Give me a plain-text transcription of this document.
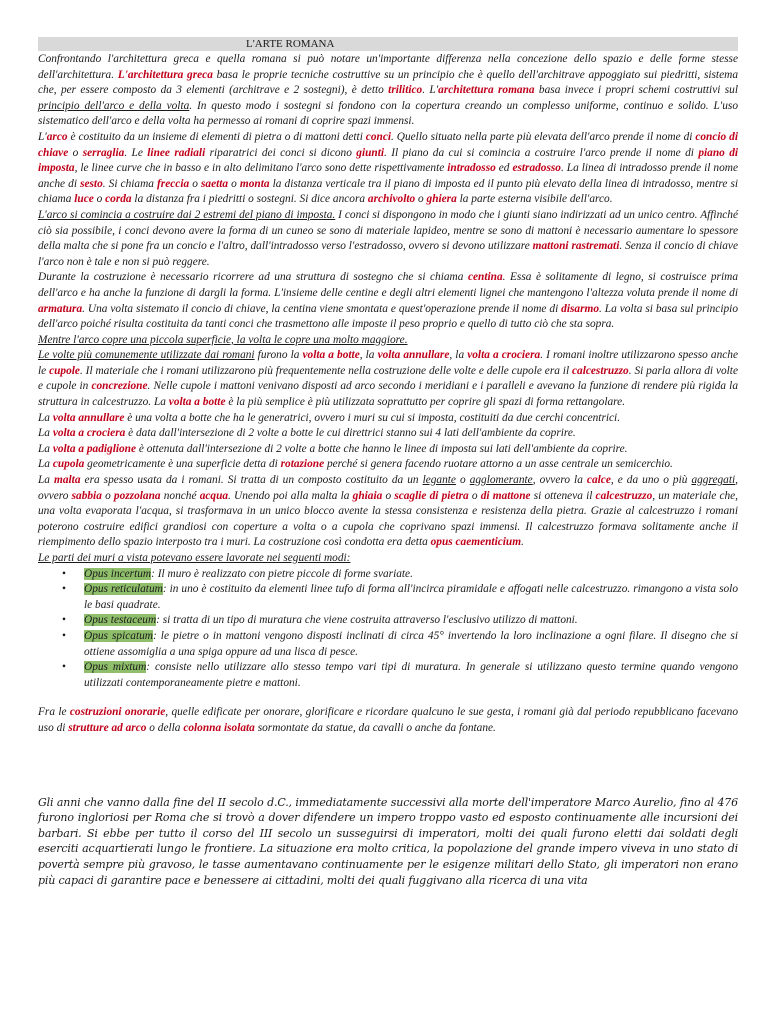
L'ARTE ROMANA

Confrontando l'architettura greca e quella romana si può notare un'importante differenza nella concezione dello spazio e delle forme stesse dell'architettura. L'architettura greca basa le proprie tecniche costruttive su un principio che è quello dell'architrave appoggiato sui piedritti, sistema che, per essere composto da 3 elementi (architrave e 2 sostegni), è detto trilitico. L'architettura romana basa invece i propri schemi costruttivi sul principio dell'arco e della volta. In questo modo i sostegni si fondono con la copertura creando un complesso uniforme, continuo e solido. L'uso sistematico dell'arco e della volta ha permesso ai romani di coprire spazi immensi.

L'arco è costituito da un insieme di elementi di pietra o di mattoni detti conci. Quello situato nella parte più elevata dell'arco prende il nome di concio di chiave o serraglia. Le linee radiali riparatrici dei conci si dicono giunti. Il piano da cui si comincia a costruire l'arco prende il nome di piano di imposta, le linee curve che in basso e in alto delimitano l'arco sono dette rispettivamente intradosso ed estradosso. La linea di intradosso prende il nome anche di sesto. Si chiama freccia o saetta o monta la distanza verticale tra il piano di imposta ed il punto più elevato della linea di intradosso, mentre si chiama luce o corda la distanza fra i piedritti o sostegni. Si dice ancora archivolto o ghiera la parte esterna visibile dell'arco.

L'arco si comincia a costruire dai 2 estremi del piano di imposta. I conci si dispongono in modo che i giunti siano indirizzati ad un unico centro. Affinché ciò sia possibile, i conci devono avere la forma di un cuneo se sono di materiale lapideo, mentre se sono di mattoni è necessario aumentare lo spessore della malta che si pone fra un concio e l'altro, dall'intradosso verso l'estradosso, ovvero si devono utilizzare mattoni rastremati. Senza il concio di chiave l'arco non è tale e non si può reggere.

Durante la costruzione è necessario ricorrere ad una struttura di sostegno che si chiama centina. Essa è solitamente di legno, si costruisce prima dell'arco e ha anche la funzione di dargli la forma. L'insieme delle centine e degli altri elementi lignei che mantengono l'altezza voluta prende il nome di armatura. Una volta sistemato il concio di chiave, la centina viene smontata e quest'operazione prende il nome di disarmo. La volta si basa sul principio dell'arco poiché risulta costituita da tanti conci che trasmettono alle imposte il peso proprio e quello di tutto ciò che sta sopra.

Mentre l'arco copre una piccola superficie, la volta le copre una molto maggiore.

Le volte più comunemente utilizzate dai romani furono la volta a botte, la volta annullare, la volta a crociera. I romani inoltre utilizzarono spesso anche le cupole. Il materiale che i romani utilizzarono più frequentemente nella costruzione delle volte e delle cupole era il calcestruzzo. Si parla allora di volte e cupole in concrezione. Nelle cupole i mattoni venivano disposti ad arco secondo i meridiani e i paralleli e avevano la funzione di rendere più rigida la struttura in calcestruzzo. La volta a botte è la più semplice è più utilizzata soprattutto per coprire gli spazi di forma rettangolare.

La volta annullare è una volta a botte che ha le generatrici, ovvero i muri su cui si imposta, costituiti da due cerchi concentrici.

La volta a crociera è data dall'intersezione di 2 volte a botte le cui direttrici stanno sui 4 lati dell'ambiente da coprire.

La volta a padiglione è ottenuta dall'intersezione di 2 volte a botte che hanno le linee di imposta sui lati dell'ambiente da coprire.

La cupola geometricamente è una superficie detta di rotazione perché si genera facendo ruotare attorno a un asse centrale un semicerchio.

La malta era spesso usata da i romani. Si tratta di un composto costituito da un legante o agglomerante, ovvero la calce, e da uno o più aggregati, ovvero sabbia o pozzolana nonché acqua. Unendo poi alla malta la ghiaia o scaglie di pietra o di mattone si otteneva il calcestruzzo, un materiale che, una volta evaporata l'acqua, si trasformava in un unico blocco avente la stessa consistenza e resistenza della pietra. Grazie al calcestruzzo i romani poterono costruire edifici grandiosi con coperture a volta o a cupola che coprivano spazi immensi. Il calcestruzzo formava solitamente anche il riempimento dello spazio interposto tra i muri. La costruzione così condotta era detta opus caementicium.

Le parti dei muri a vista potevano essere lavorate nei seguenti modi:

• Opus incertum: Il muro è realizzato con pietre piccole di forme svariate.
• Opus reticulatum: in uno è costituito da elementi linee tufo di forma all'incirca piramidale e affogati nelle calcestruzzo. rimangono a vista solo le basi quadrate.
• Opus testaceum: si tratta di un tipo di muratura che viene costruita attraverso l'esclusivo utilizzo di mattoni.
• Opus spicatum: le pietre o in mattoni vengono disposti inclinati di circa 45° invertendo la loro inclinazione a ogni filare. Il disegno che si ottiene assomiglia a una spiga oppure ad una lisca di pesce.
• Opus mixtum: consiste nello utilizzare allo stesso tempo vari tipi di muratura. In generale si utilizzano questo termine quando vengono utilizzati contemporaneamente pietre e mattoni.

Fra le costruzioni onorarie, quelle edificate per onorare, glorificare e ricordare qualcuno le sue gesta, i romani già dal periodo repubblicano facevano uso di strutture ad arco o della colonna isolata sormontate da statue, da cavalli o anche da fontane.

Gli anni che vanno dalla fine del II secolo d.C., immediatamente successivi alla morte dell'imperatore Marco Aurelio, fino al 476 furono ingloriosi per Roma che si trovò a dover difendere un impero troppo vasto ed esposto continuamente alle incursioni dei barbari. Si ebbe per tutto il corso del III secolo un susseguirsi di imperatori, molti dei quali furono eletti dai soldati degli eserciti acquartierati lungo le frontiere. La situazione era molto critica, la popolazione del grande impero viveva in uno stato di povertà sempre più gravoso, le tasse aumentavano continuamente per le esigenze militari dello Stato, gli imperatori non erano più capaci di garantire pace e benessere ai cittadini, molti dei quali fuggivano alla ricerca di una vita
